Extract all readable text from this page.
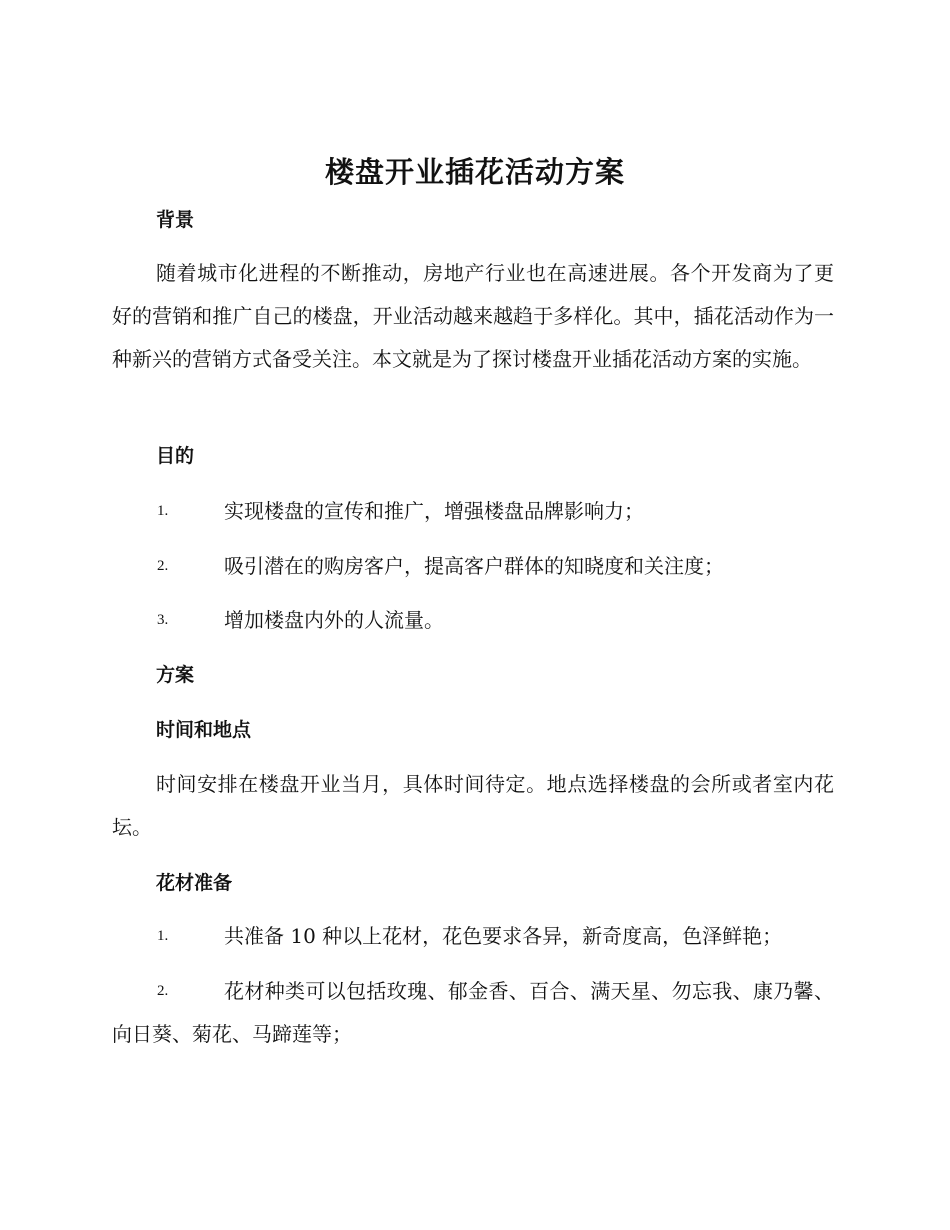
楼盘开业插花活动方案
背景
随着城市化进程的不断推动，房地产行业也在高速进展。各个开发商为了更好的营销和推广自己的楼盘，开业活动越来越趋于多样化。其中，插花活动作为一种新兴的营销方式备受关注。本文就是为了探讨楼盘开业插花活动方案的实施。
目的
1.	实现楼盘的宣传和推广，增强楼盘品牌影响力；
2.	吸引潜在的购房客户，提高客户群体的知晓度和关注度；
3.	增加楼盘内外的人流量。
方案
时间和地点
时间安排在楼盘开业当月，具体时间待定。地点选择楼盘的会所或者室内花坛。
花材准备
1.	共准备 10 种以上花材，花色要求各异，新奇度高，色泽鲜艳；
2.	花材种类可以包括玫瑰、郁金香、百合、满天星、勿忘我、康乃馨、向日葵、菊花、马蹄莲等；
